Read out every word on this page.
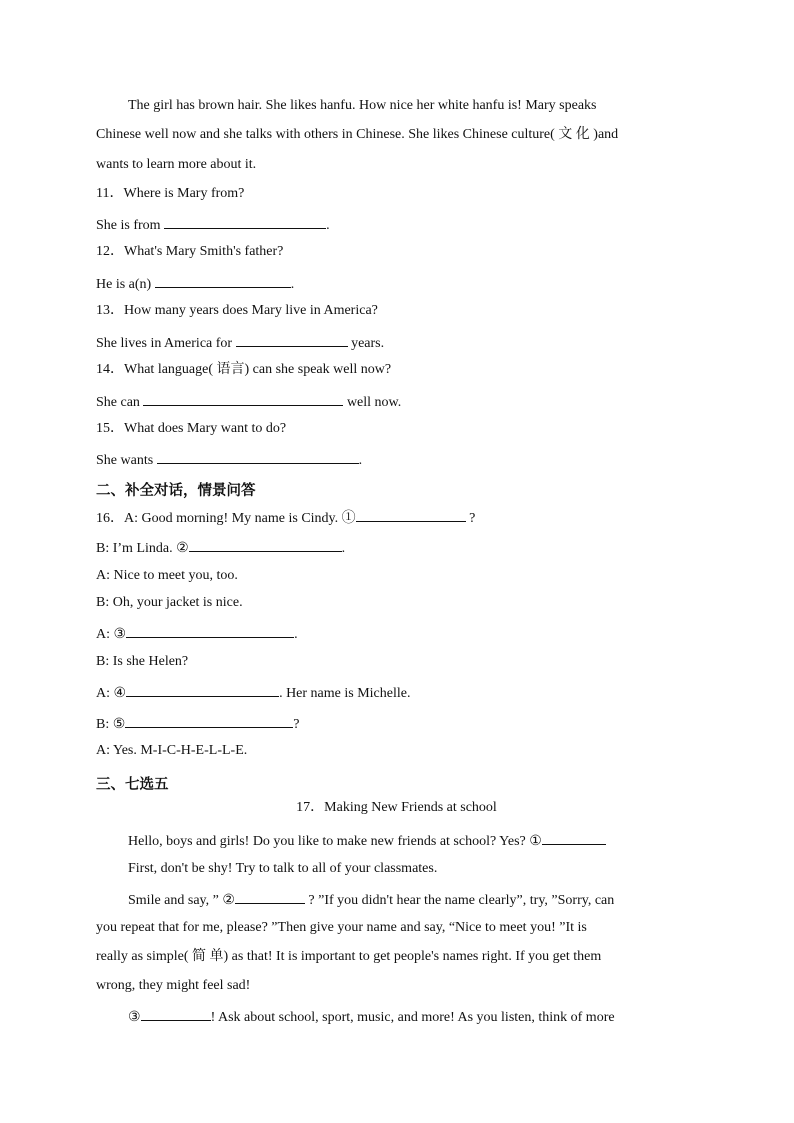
The girl has brown hair. She likes hanfu. How nice her white hanfu is! Mary speaks
Chinese well now and she talks with others in Chinese. She likes Chinese culture( 文 化 )and
wants to learn more about it.
11．Where is Mary from?
She is from	.
12．What's Mary Smith's father?
He is a(n)	.
13．How many years does Mary live in America?
She lives in America for	years.
14．What language( 语言) can she speak well now?
She can	well now.
15．What does Mary want to do?
She wants	.
二、补全对话，情景问答
16．A: Good morning! My name is Cindy. ①	?
B: I’m Linda. ②	.
A: Nice to meet you, too.
B: Oh, your jacket is nice.
A: ③	.
B: Is she Helen?
A: ④	. Her name is Michelle.
B: ⑤	?
A: Yes. M-I-C-H-E-L-L-E.
三、七选五
17．Making New Friends at school
Hello, boys and girls! Do you like to make new friends at school? Yes? ①
First, don't be shy! Try to talk to all of your classmates.
Smile and say, ” ②	? ”If you didn't hear the name clearly”, try, ”Sorry, can
you repeat that for me, please? ”Then give your name and say, “Nice to meet you! ”It is
really as simple( 简 单) as that! It is important to get people's names right. If you get them
wrong, they might feel sad!
③	! Ask about school, sport, music, and more! As you listen, think of more
